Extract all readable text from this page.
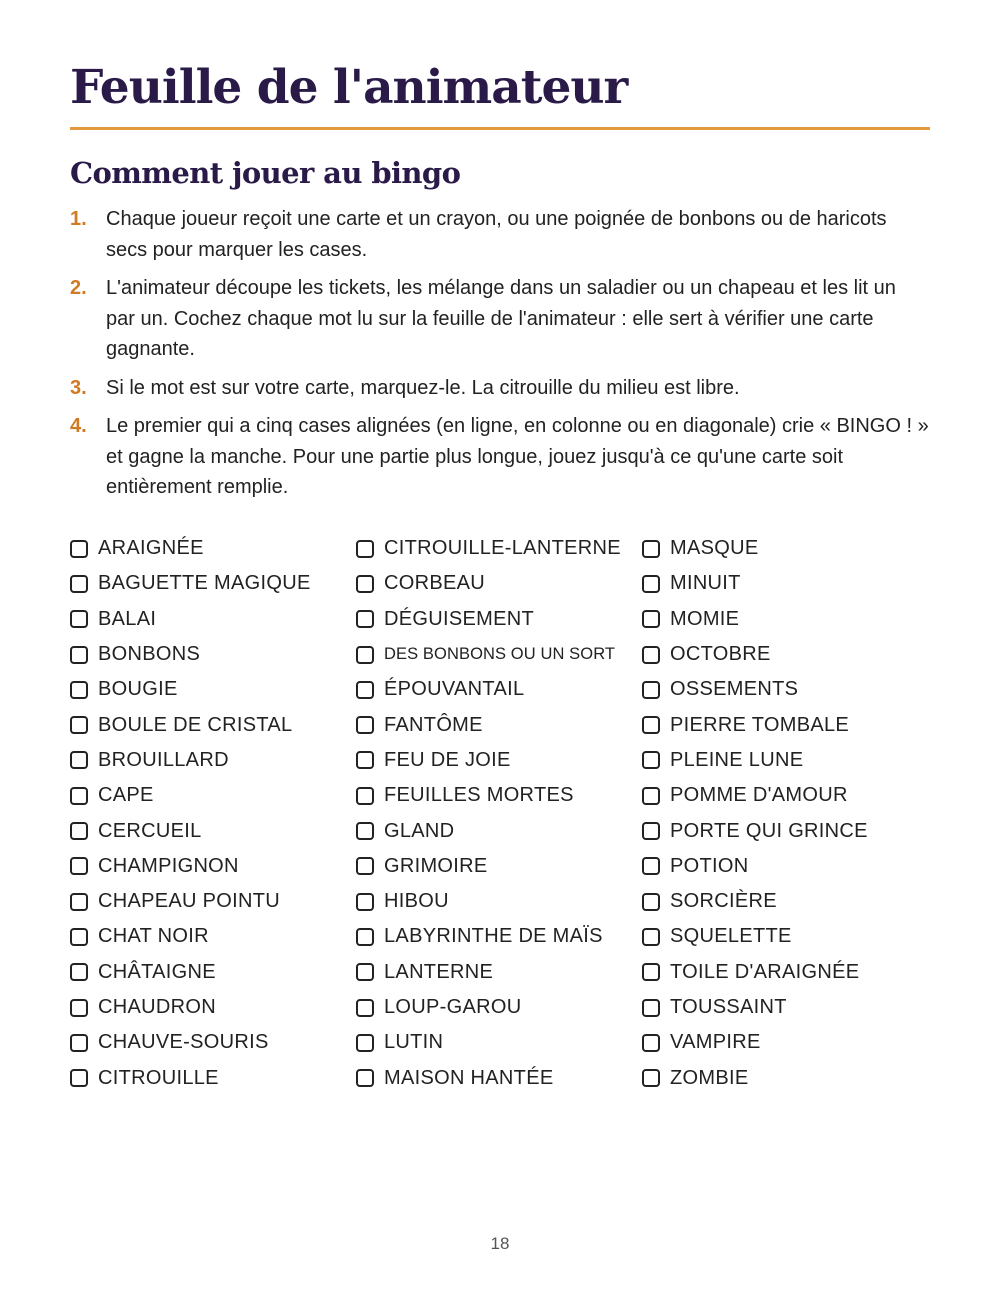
Feuille de l'animateur
Comment jouer au bingo
1. Chaque joueur reçoit une carte et un crayon, ou une poignée de bonbons ou de haricots secs pour marquer les cases.
2. L'animateur découpe les tickets, les mélange dans un saladier ou un chapeau et les lit un par un. Cochez chaque mot lu sur la feuille de l'animateur : elle sert à vérifier une carte gagnante.
3. Si le mot est sur votre carte, marquez-le. La citrouille du milieu est libre.
4. Le premier qui a cinq cases alignées (en ligne, en colonne ou en diagonale) crie « BINGO ! » et gagne la manche. Pour une partie plus longue, jouez jusqu'à ce qu'une carte soit entièrement remplie.
ARAIGNÉE
BAGUETTE MAGIQUE
BALAI
BONBONS
BOUGIE
BOULE DE CRISTAL
BROUILLARD
CAPE
CERCUEIL
CHAMPIGNON
CHAPEAU POINTU
CHAT NOIR
CHÂTAIGNE
CHAUDRON
CHAUVE-SOURIS
CITROUILLE
CITROUILLE-LANTERNE
CORBEAU
DÉGUISEMENT
DES BONBONS OU UN SORT
ÉPOUVANTAIL
FANTÔME
FEU DE JOIE
FEUILLES MORTES
GLAND
GRIMOIRE
HIBOU
LABYRINTHE DE MAÏS
LANTERNE
LOUP-GAROU
LUTIN
MAISON HANTÉE
MASQUE
MINUIT
MOMIE
OCTOBRE
OSSEMENTS
PIERRE TOMBALE
PLEINE LUNE
POMME D'AMOUR
PORTE QUI GRINCE
POTION
SORCIÈRE
SQUELETTE
TOILE D'ARAIGNÉE
TOUSSAINT
VAMPIRE
ZOMBIE
18
